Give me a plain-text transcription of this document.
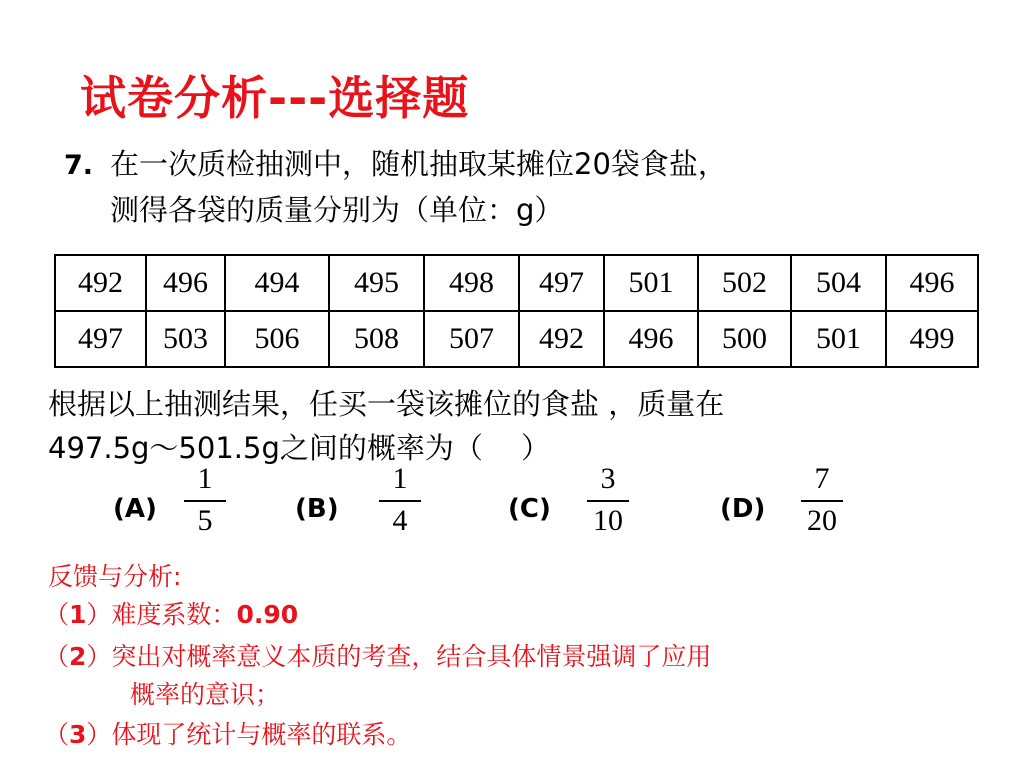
试卷分析---选择题
7. 在一次质检抽测中，随机抽取某摊位20袋食盐，
测得各袋的质量分别为（单位：g）
492	496	494	495	498	497	501	502	504	496
497	503	506	508	507	492	496	500	501	499
根据以上抽测结果，任买一袋该摊位的食盐 ，质量在
497.5g～501.5g之间的概率为（　 ）
(A)
1
5	(B)
1
4	(C)
3
10	(D)
7
20
反馈与分析:
（1）难度系数：0.90
（2）突出对概率意义本质的考查，结合具体情景强调了应用
概率的意识；
（3）体现了统计与概率的联系。
